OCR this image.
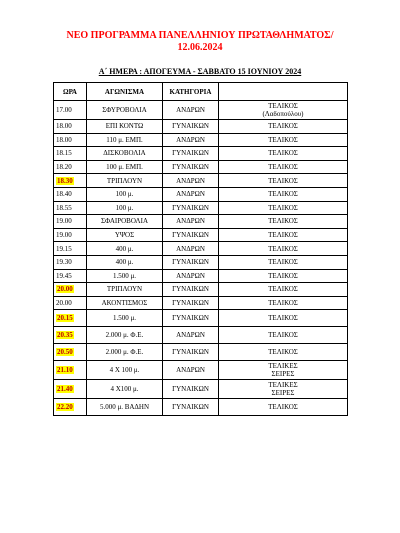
ΝΕΟ ΠΡΟΓΡΑΜΜΑ ΠΑΝΕΛΛΗΝΙΟΥ ΠΡΩΤΑΘΛΗΜΑΤΟΣ/
12.06.2024
Α΄ ΗΜΕΡΑ : ΑΠΟΓΕΥΜΑ - ΣΑΒΒΑΤΟ 15 ΙΟΥΝΙΟΥ 2024
ΩΡΑ	ΑΓΩΝΙΣΜΑ	ΚΑΤΗΓΟΡΙΑ	
17.00	ΣΦΥΡΟΒΟΛΙΑ	ΑΝΔΡΩΝ	ΤΕΛΙΚΟΣ
(Λαδοπούλου)

18.00	ΕΠΙ ΚΟΝΤΩ	ΓΥΝΑΙΚΩΝ	ΤΕΛΙΚΟΣ

18.00	110 μ. ΕΜΠ.	ΑΝΔΡΩΝ	ΤΕΛΙΚΟΣ

18.15	ΔΙΣΚΟΒΟΛΙΑ	ΓΥΝΑΙΚΩΝ	ΤΕΛΙΚΟΣ

18.20	100 μ. ΕΜΠ.	ΓΥΝΑΙΚΩΝ	ΤΕΛΙΚΟΣ

18.30	ΤΡΙΠΛΟΥΝ	ΑΝΔΡΩΝ	ΤΕΛΙΚΟΣ

18.40	100 μ.	ΑΝΔΡΩΝ	ΤΕΛΙΚΟΣ

18.55	100 μ.	ΓΥΝΑΙΚΩΝ	ΤΕΛΙΚΟΣ

19.00	ΣΦΑΙΡΟΒΟΛΙΑ	ΑΝΔΡΩΝ	ΤΕΛΙΚΟΣ

19.00	ΥΨΟΣ	ΓΥΝΑΙΚΩΝ	ΤΕΛΙΚΟΣ

19.15	400 μ.	ΑΝΔΡΩΝ	ΤΕΛΙΚΟΣ

19.30	400 μ.	ΓΥΝΑΙΚΩΝ	ΤΕΛΙΚΟΣ

19.45	1.500 μ.	ΑΝΔΡΩΝ	ΤΕΛΙΚΟΣ

20.00	ΤΡΙΠΛΟΥΝ	ΓΥΝΑΙΚΩΝ	ΤΕΛΙΚΟΣ

20.00	ΑΚΟΝΤΙΣΜΟΣ	ΓΥΝΑΙΚΩΝ	ΤΕΛΙΚΟΣ

20.15	1.500 μ.	ΓΥΝΑΙΚΩΝ	ΤΕΛΙΚΟΣ

20.35	2.000 μ. Φ.Ε.	ΑΝΔΡΩΝ	ΤΕΛΙΚΟΣ

20.50	2.000 μ. Φ.Ε.	ΓΥΝΑΙΚΩΝ	ΤΕΛΙΚΟΣ

21.10	4 Χ 100 μ.	ΑΝΔΡΩΝ	ΤΕΛΙΚΕΣ
ΣΕΙΡΕΣ

21.40	4 Χ100 μ.	ΓΥΝΑΙΚΩΝ	ΤΕΛΙΚΕΣ
ΣΕΙΡΕΣ

22.20	5.000 μ. ΒΑΔΗΝ	ΓΥΝΑΙΚΩΝ	ΤΕΛΙΚΟΣ
